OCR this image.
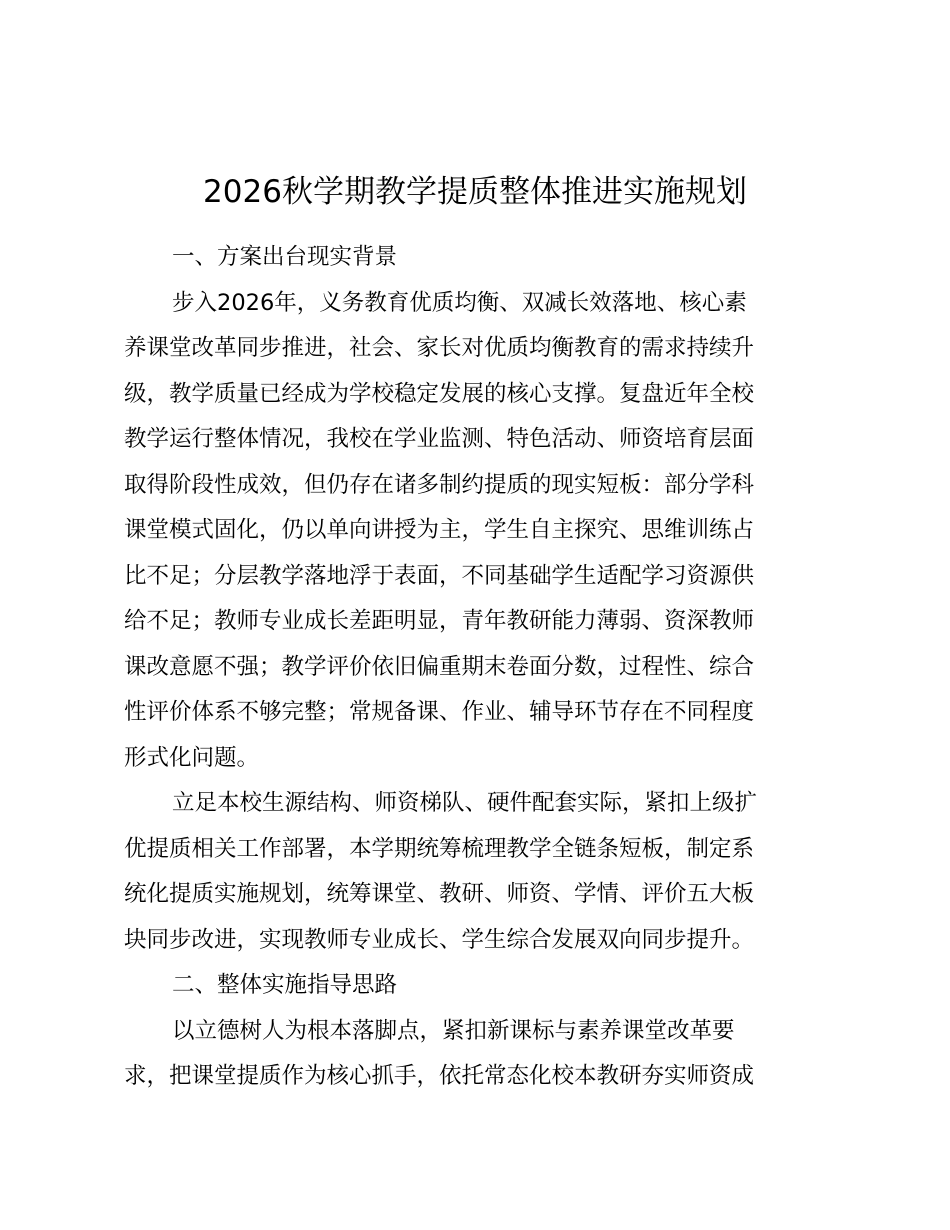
2026秋学期教学提质整体推进实施规划

一、方案出台现实背景

步入2026年，义务教育优质均衡、双减长效落地、核心素

养课堂改革同步推进，社会、家长对优质均衡教育的需求持续升

级，教学质量已经成为学校稳定发展的核心支撑。复盘近年全校

教学运行整体情况，我校在学业监测、特色活动、师资培育层面

取得阶段性成效，但仍存在诸多制约提质的现实短板：部分学科

课堂模式固化，仍以单向讲授为主，学生自主探究、思维训练占

比不足；分层教学落地浮于表面，不同基础学生适配学习资源供

给不足；教师专业成长差距明显，青年教研能力薄弱、资深教师

课改意愿不强；教学评价依旧偏重期末卷面分数，过程性、综合

性评价体系不够完整；常规备课、作业、辅导环节存在不同程度

形式化问题。

立足本校生源结构、师资梯队、硬件配套实际，紧扣上级扩

优提质相关工作部署，本学期统筹梳理教学全链条短板，制定系

统化提质实施规划，统筹课堂、教研、师资、学情、评价五大板

块同步改进，实现教师专业成长、学生综合发展双向同步提升。

二、整体实施指导思路

以立德树人为根本落脚点，紧扣新课标与素养课堂改革要

求，把课堂提质作为核心抓手，依托常态化校本教研夯实师资成
